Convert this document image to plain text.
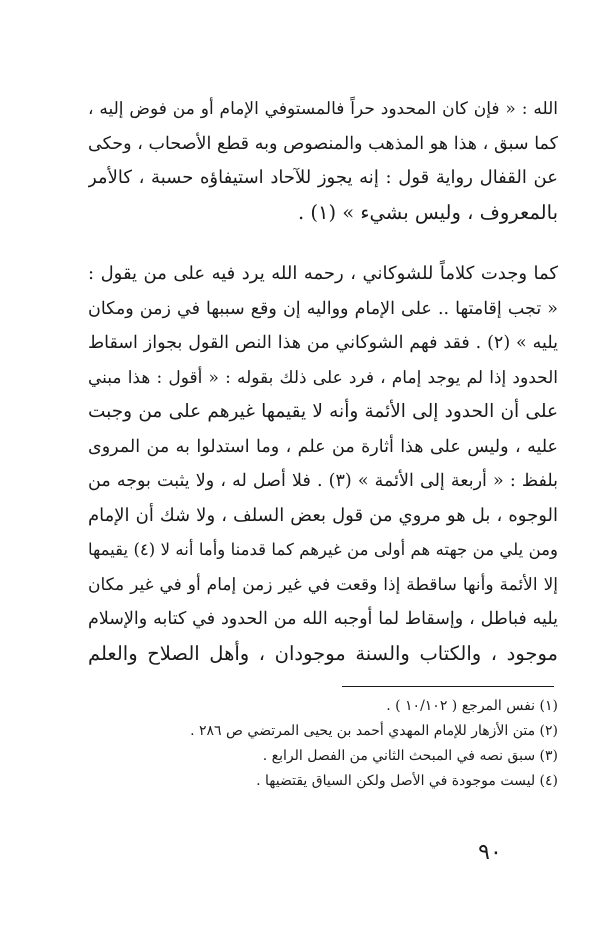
الله : « فإن كان المحدود حراً فالمستوفي الإمام أو من فوض إليه ،
كما سبق ، هذا هو المذهب والمنصوص وبه قطع الأصحاب ، وحكى
عن القفال رواية قول : إنه يجوز للآحاد استيفاؤه حسبة ، كالأمر
بالمعروف ، وليس بشيء » (١) .
كما وجدت كلاماً للشوكاني ، رحمه الله يرد فيه على من يقول :
« تجب إقامتها .. على الإمام وواليه إن وقع سببها في زمن ومكان
يليه » (٢) . فقد فهم الشوكاني من هذا النص القول بجواز اسقاط
الحدود إذا لم يوجد إمام ، فرد على ذلك بقوله : « أقول : هذا مبني
على أن الحدود إلى الأئمة وأنه لا يقيمها غيرهم على من وجبت
عليه ، وليس على هذا أثارة من علم ، وما استدلوا به من المروى
بلفظ : « أربعة إلى الأئمة » (٣) . فلا أصل له ، ولا يثبت بوجه من
الوجوه ، بل هو مروي من قول بعض السلف ، ولا شك أن الإمام
ومن يلي من جهته هم أولى من غيرهم كما قدمنا وأما أنه لا (٤) يقيمها
إلا الأئمة وأنها ساقطة إذا وقعت في غير زمن إمام أو في غير مكان
يليه فباطل ، وإسقاط لما أوجبه الله من الحدود في كتابه والإسلام
موجود ، والكتاب والسنة موجودان ، وأهل الصلاح والعلم
(١) نفس المرجع ( ١٠/١٠٢ ) .
(٢) متن الأزهار للإمام المهدي أحمد بن يحيى المرتضي ص ٢٨٦ .
(٣) سبق نصه في المبحث الثاني من الفصل الرابع .
(٤) ليست موجودة في الأصل ولكن السياق يقتضيها .
٩٠
